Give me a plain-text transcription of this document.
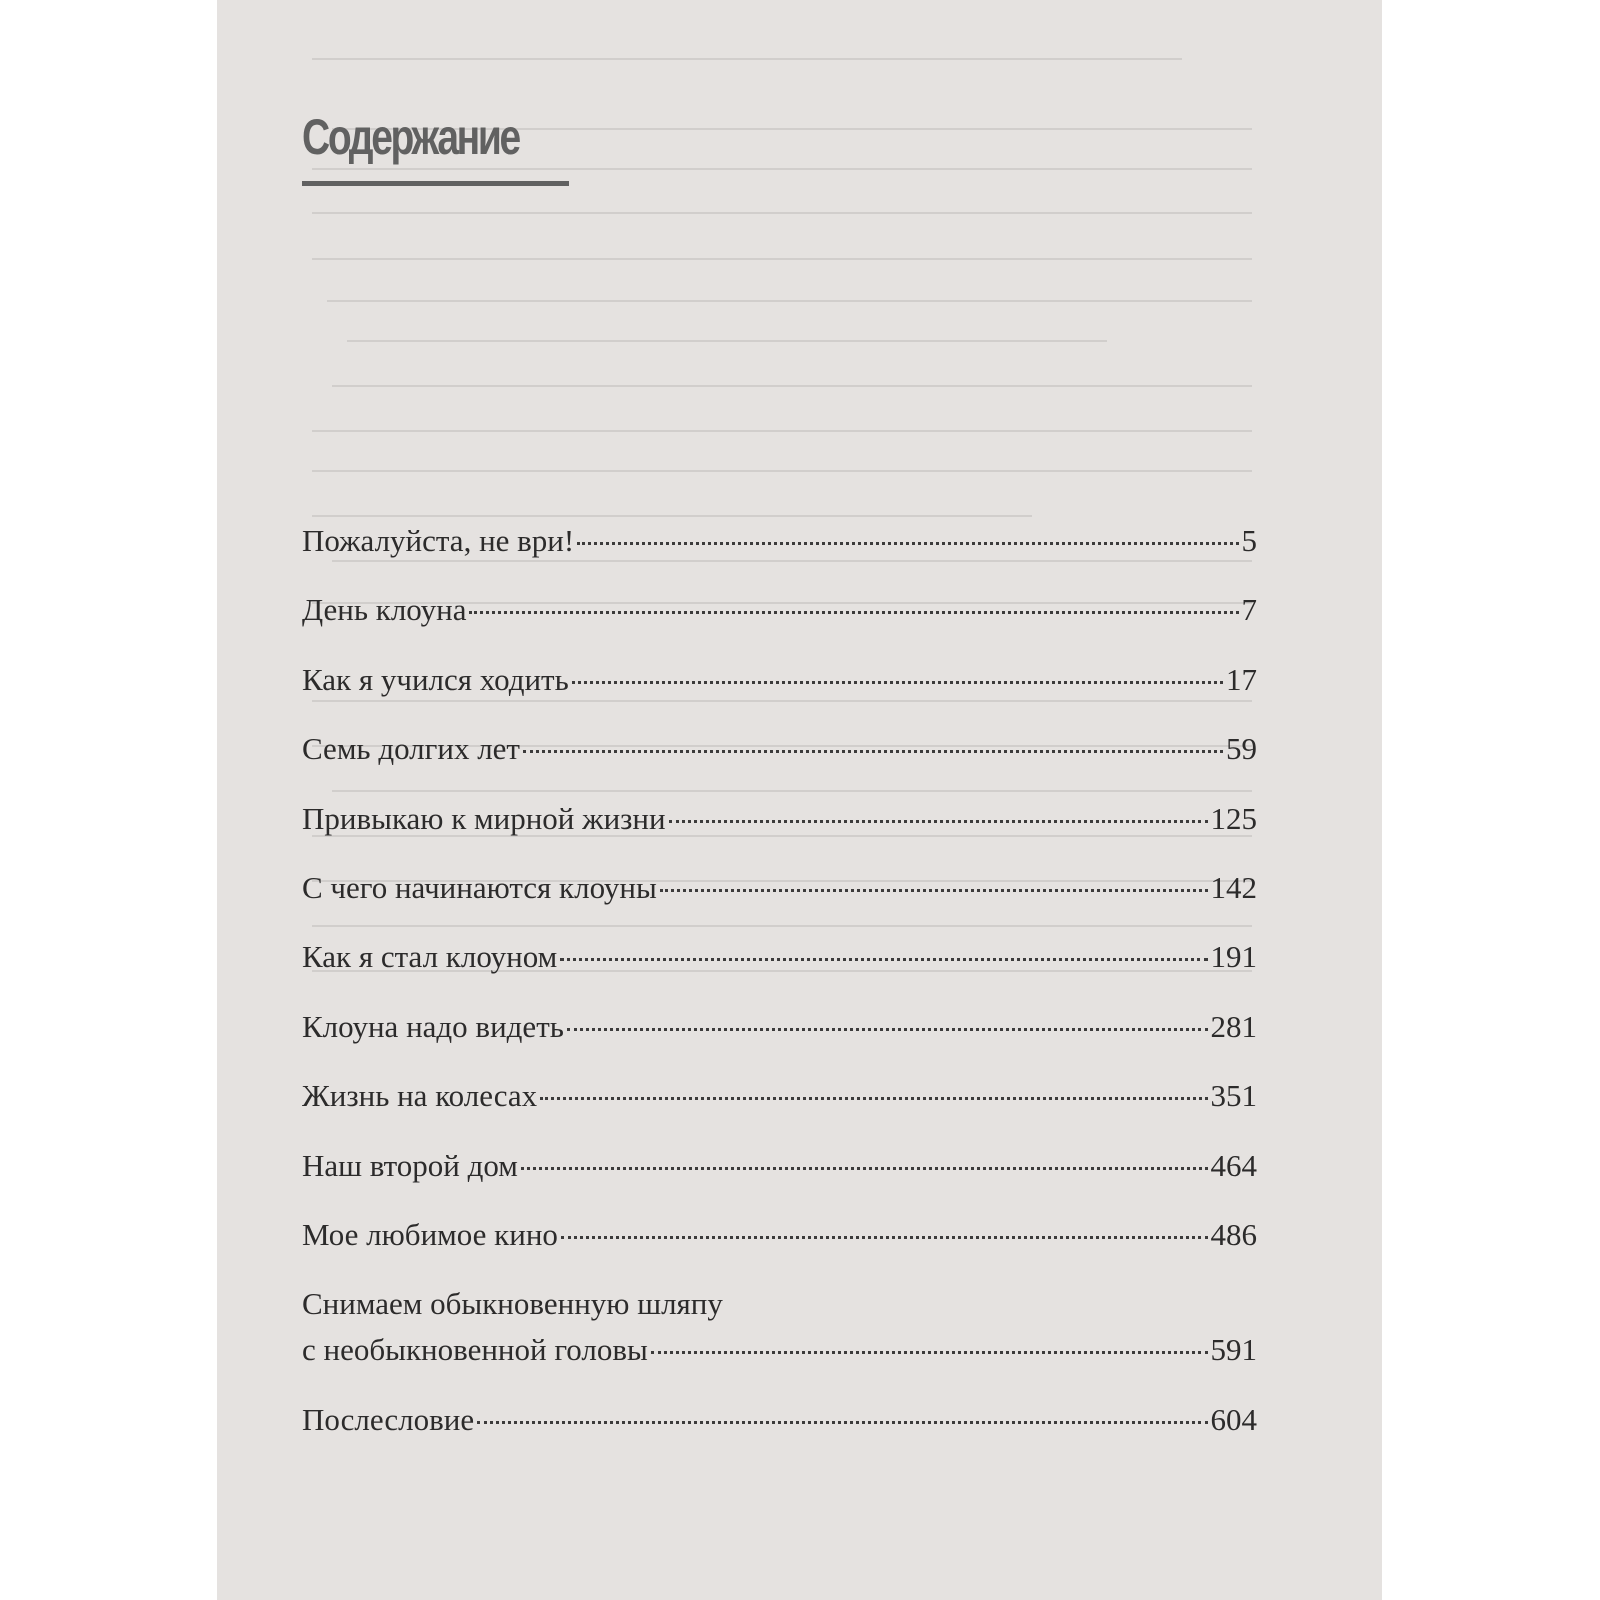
Содержание
Пожалуйста, не ври!	5
День клоуна	7
Как я учился ходить	17
Семь долгих лет	59
Привыкаю к мирной жизни	125
С чего начинаются клоуны	142
Как я стал клоуном	191
Клоуна надо видеть	281
Жизнь на колесах	351
Наш второй дом	464
Мое любимое кино	486
Снимаем обыкновенную шляпу
с необыкновенной головы	591
Послесловие	604
